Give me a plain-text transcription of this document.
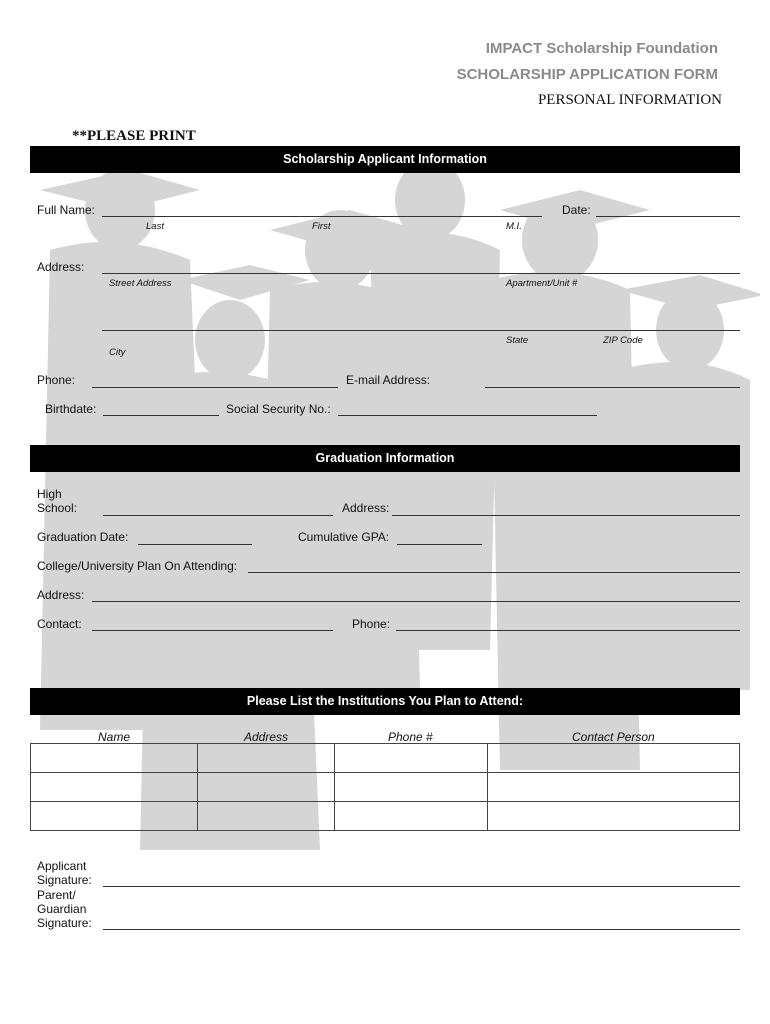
IMPACT Scholarship Foundation
SCHOLARSHIP APPLICATION FORM
PERSONAL INFORMATION
**PLEASE PRINT
Scholarship Applicant Information
Full Name:	Date:
Last	First	M.I.
Address:
Street Address	Apartment/Unit #
State	ZIP Code
City
Phone:	E-mail Address:
Birthdate:	Social Security No.:
Graduation Information
High
School:	Address:
Graduation Date:	Cumulative GPA:
College/University Plan On Attending:
Address:
Contact:	Phone:
Please List the Institutions You Plan to Attend:
Name	Address	Phone #	Contact Person

Applicant
Signature:
Parent/
Guardian
Signature:
